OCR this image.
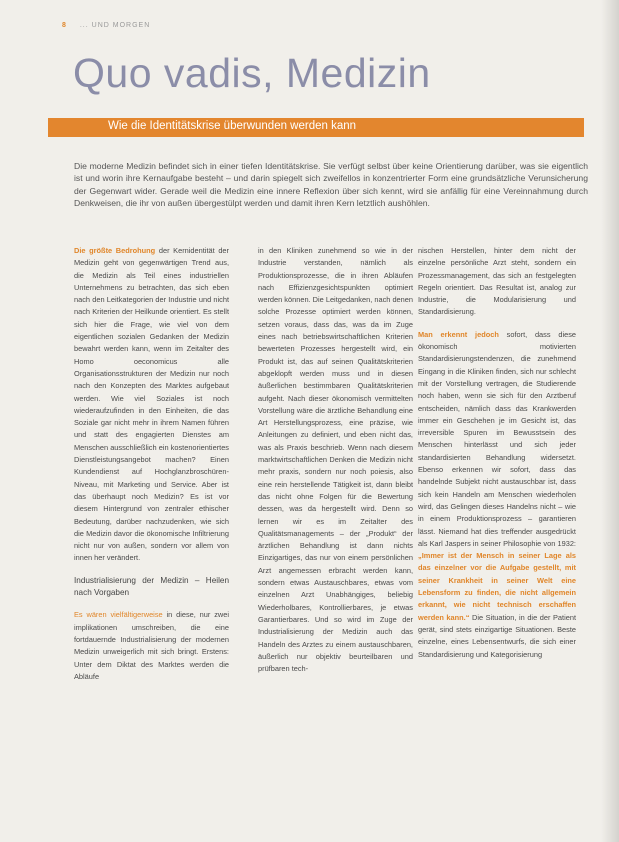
8 ... UND MORGEN
Quo vadis, Medizin
Wie die Identitätskrise überwunden werden kann
Die moderne Medizin befindet sich in einer tiefen Identitätskrise. Sie verfügt selbst über keine Orientierung darüber, was sie eigentlich ist und worin ihre Kernaufgabe besteht – und darin spiegelt sich zweifellos in konzentrierter Form eine grundsätzliche Verunsicherung der Gegenwart wider. Gerade weil die Medizin eine innere Reflexion über sich kennt, wird sie anfällig für eine Vereinnahmung durch Denkweisen, die ihr von außen übergestülpt werden und damit ihren Kern letztlich aushöhlen.

Die größte Bedrohung der Kernidentität der Medizin geht von gegenwärtigen Trend aus, die Medizin als Teil eines industriellen Unternehmens zu betrachten, das sich eben nach den Leitkategorien der Industrie und nicht nach Kriterien der Heilkunde orientiert. Es stellt sich hier die Frage, wie viel von dem eigentlichen sozialen Gedanken der Medizin bewahrt werden kann, wenn im Zeitalter des Homo oeconomicus alle Organisationsstrukturen der Medizin nur noch nach den Konzepten des Marktes aufgebaut werden. Wie viel Soziales ist noch wiederaufzufinden in den Einheiten, die das Soziale gar nicht mehr in ihrem Namen führen und statt des engagierten Dienstes am Menschen ausschließlich ein kostenorientiertes Dienstleistungsangebot machen? Einen Kundendienst auf Hochglanzbroschüren-Niveau, mit Marketing und Service. Aber ist das überhaupt noch Medizin? Es ist vor diesem Hintergrund von zentraler ethischer Bedeutung, darüber nachzudenken, wie sich die Medizin davor die ökonomische Infiltrierung nicht nur von außen, sondern vor allem von innen her verändert.

Industrialisierung der Medizin – Heilen nach Vorgaben

Es wären vielfältigerweise in diese, nur zwei implikationen umschreiben, die eine fortdauernde Industrialisierung der modernen Medizin unweigerlich mit sich bringt. Erstens: Unter dem Diktat des Marktes werden die Abläufe

in den Kliniken zunehmend so wie in der Industrie verstanden, nämlich als Produktionsprozesse, die in ihren Abläufen nach Effizienzgesichtspunkten optimiert werden können. Die Leitgedanken, nach denen solche Prozesse optimiert werden können, setzen voraus, dass das, was da im Zuge eines nach betriebswirtschaftlichen Kriterien bewerteten Prozesses hergestellt wird, ein Produkt ist, das auf seinen Qualitätskriterien abgeklopft werden muss und in diesen äußerlichen bestimmbaren Qualitätskriterien aufgeht. Nach dieser ökonomisch vermittelten Vorstellung wäre die ärztliche Behandlung eine Art Herstellungsprozess, eine präzise, wie Anleitungen zu definiert, und eben nicht das, was als Praxis beschrieb. Wenn nach diesem marktwirtschaftlichen Denken die Medizin nicht mehr praxis, sondern nur noch poiesis, also eine rein herstellende Tätigkeit ist, dann bleibt das nicht ohne Folgen für die Bewertung dessen, was da hergestellt wird. Denn so lernen wir es im Zeitalter des Qualitätsmanagements – der „Produkt“ der ärztlichen Behandlung ist dann nichts Einzigartiges, das nur von einem persönlichen Arzt angemessen erbracht werden kann, sondern etwas Austauschbares, etwas vom einzelnen Arzt Unabhängiges, beliebig Wiederholbares, Kontrollierbares, je etwas Garantierbares. Und so wird im Zuge der Industrialisierung der Medizin auch das Handeln des Arztes zu einem austauschbaren, äußerlich nur objektiv beurteilbaren und prüfbaren tech-

nischen Herstellen, hinter dem nicht der einzelne persönliche Arzt steht, sondern ein Prozessmanagement, das sich an festgelegten Regeln orientiert. Das Resultat ist, analog zur Industrie, die Modularisierung und Standardisierung.

Man erkennt jedoch sofort, dass diese ökonomisch motivierten Standardisierungstendenzen, die zunehmend Eingang in die Kliniken finden, sich nur schlecht mit der Vorstellung vertragen, die Studierende noch haben, wenn sie sich für den Arztberuf entscheiden, nämlich dass das Krankwerden immer ein Geschehen je im Gesicht ist, das irreversible Spuren im Bewusstsein des Menschen hinterlässt und sich jeder standardisierten Behandlung widersetzt. Ebenso erkennen wir sofort, dass das handelnde Subjekt nicht austauschbar ist, dass sich kein Handeln am Menschen wiederholen wird, das Gelingen dieses Handelns nicht – wie in einem Produktionsprozess – garantieren lässt. Niemand hat dies treffender ausgedrückt als Karl Jaspers in seiner Philosophie von 1932: „Immer ist der Mensch in seiner Lage als das einzelner vor die Aufgabe gestellt, mit seiner Krankheit in seiner Welt eine Lebensform zu finden, die nicht allgemein erkannt, wie nicht technisch erschaffen werden kann.“ Die Situation, in die der Patient gerät, sind stets einzigartige Situationen. Beste einzelne, eines Lebensentwurfs, die sich einer Standardisierung und Kategorisierung
